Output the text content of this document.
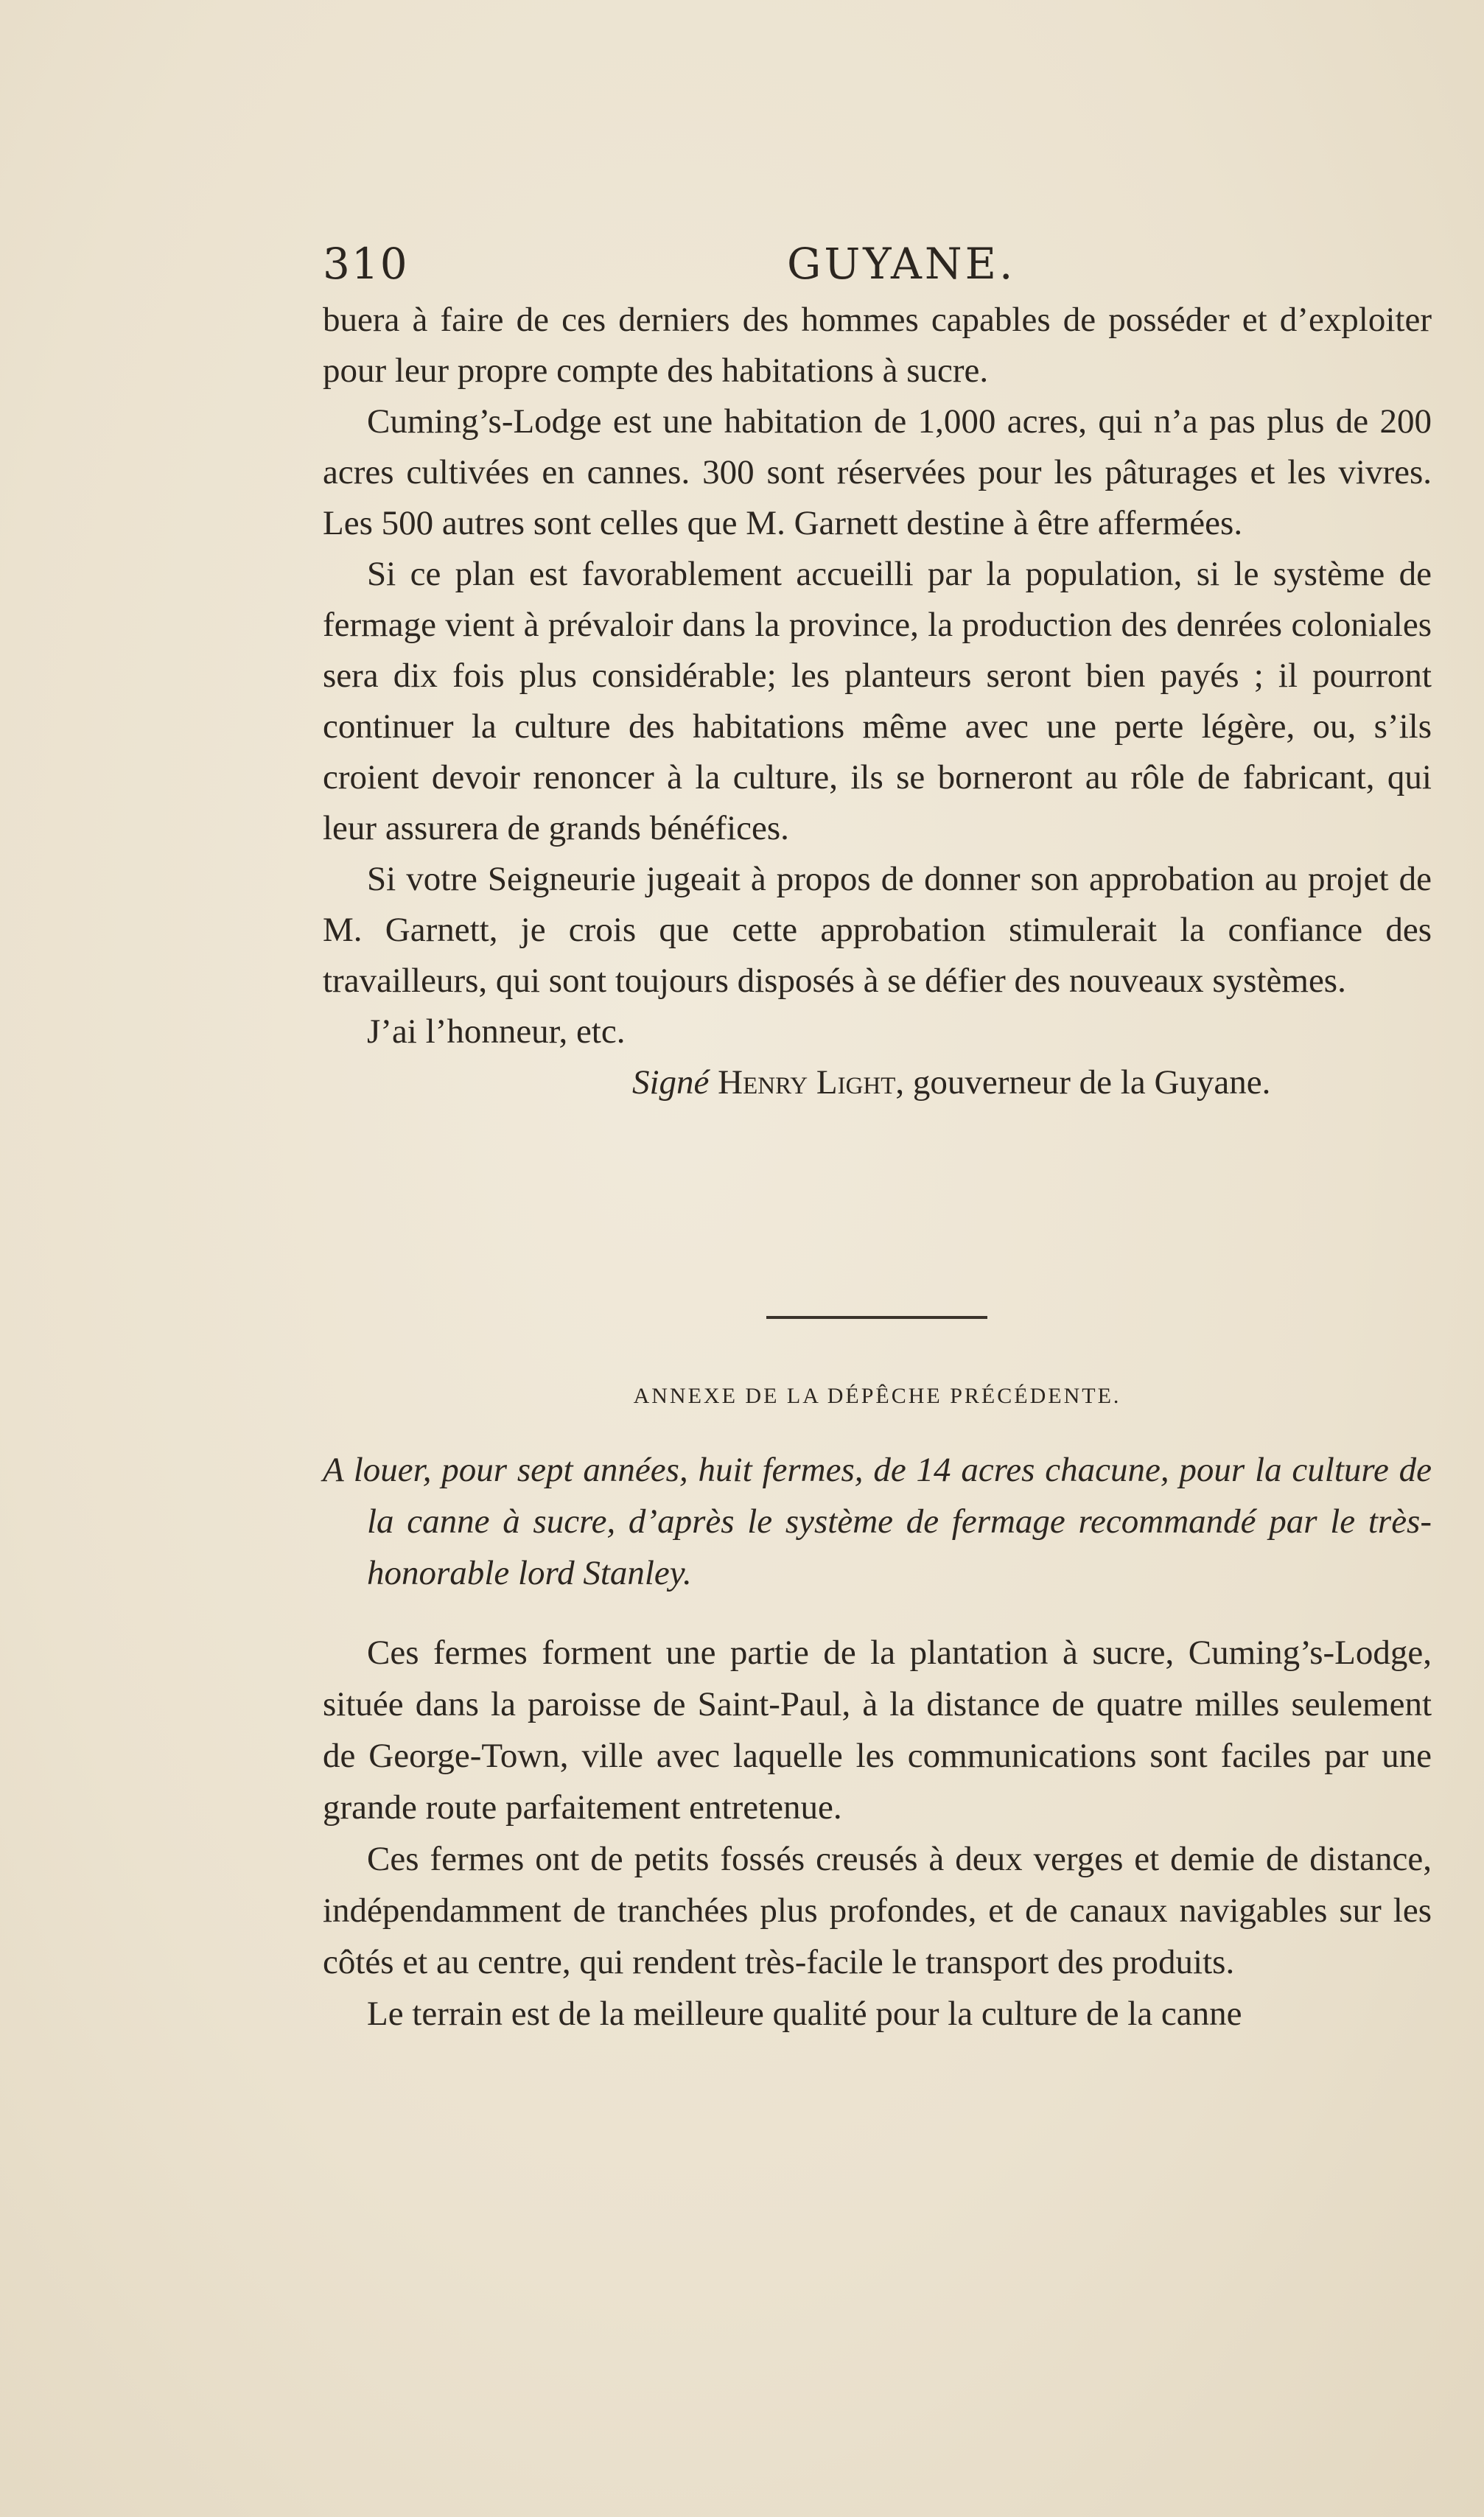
310	GUYANE.

buera à faire de ces derniers des hommes capables de posséder et d’exploiter pour leur propre compte des habitations à sucre.

Cuming’s-Lodge est une habitation de 1,000 acres, qui n’a pas plus de 200 acres cultivées en cannes. 300 sont réservées pour les pâturages et les vivres. Les 500 autres sont celles que M. Garnett destine à être affermées.

Si ce plan est favorablement accueilli par la population, si le système de fermage vient à prévaloir dans la province, la production des denrées coloniales sera dix fois plus considérable; les planteurs seront bien payés ; il pourront continuer la culture des habitations même avec une perte légère, ou, s’ils croient devoir renoncer à la culture, ils se borneront au rôle de fabricant, qui leur assurera de grands bénéfices.

Si votre Seigneurie jugeait à propos de donner son approbation au projet de M. Garnett, je crois que cette approbation stimulerait la confiance des travailleurs, qui sont toujours disposés à se défier des nouveaux systèmes.

J’ai l’honneur, etc.

Signé Henry Light, gouverneur de la Guyane.

ANNEXE DE LA DÉPÊCHE PRÉCÉDENTE.

A louer, pour sept années, huit fermes, de 14 acres chacune, pour la culture de la canne à sucre, d’après le système de fermage recommandé par le très-honorable lord Stanley.

Ces fermes forment une partie de la plantation à sucre, Cuming’s-Lodge, située dans la paroisse de Saint-Paul, à la distance de quatre milles seulement de George-Town, ville avec laquelle les communications sont faciles par une grande route parfaitement entretenue.

Ces fermes ont de petits fossés creusés à deux verges et demie de distance, indépendamment de tranchées plus profondes, et de canaux navigables sur les côtés et au centre, qui rendent très-facile le transport des produits.

Le terrain est de la meilleure qualité pour la culture de la canne
